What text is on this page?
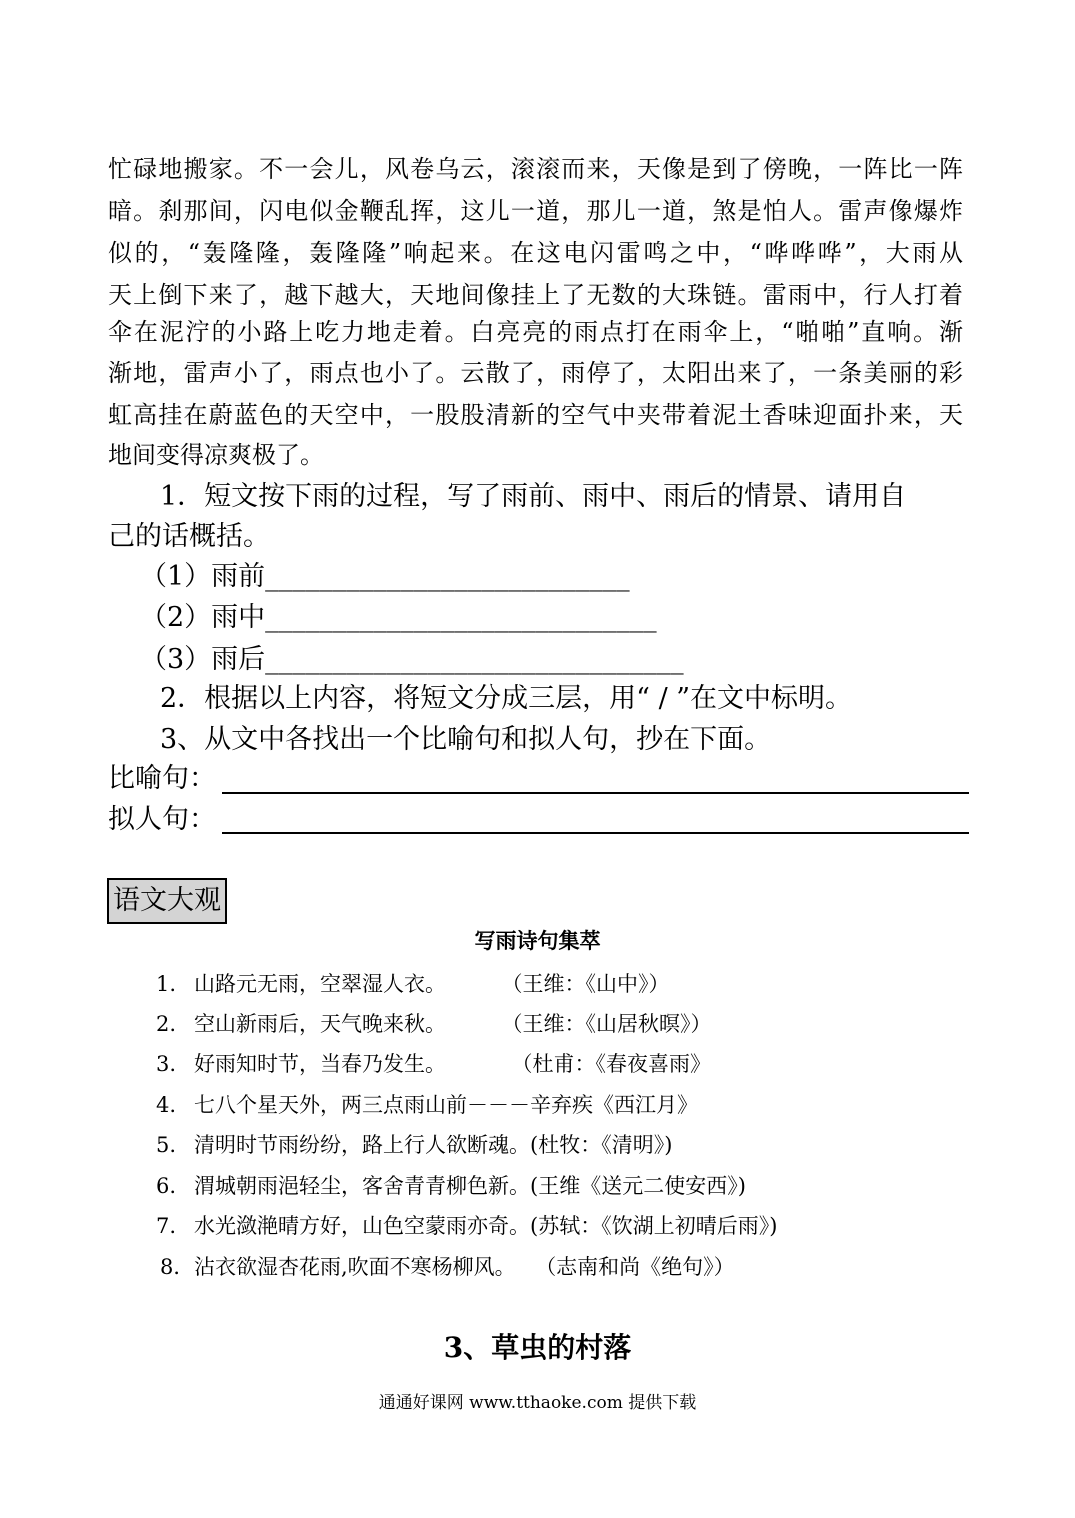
忙碌地搬家。不一会儿，风卷乌云，滚滚而来，天像是到了傍晚，一阵比一阵
暗。刹那间，闪电似金鞭乱挥，这儿一道，那儿一道，煞是怕人。雷声像爆炸
似的，“轰隆隆，轰隆隆”响起来。在这电闪雷鸣之中，“哗哗哗”，大雨从
天上倒下来了，越下越大，天地间像挂上了无数的大珠链。雷雨中，行人打着
伞在泥泞的小路上吃力地走着。白亮亮的雨点打在雨伞上，“啪啪”直响。渐
渐地，雷声小了，雨点也小了。云散了，雨停了，太阳出来了，一条美丽的彩
虹高挂在蔚蓝色的天空中，一股股清新的空气中夹带着泥土香味迎面扑来，天
地间变得凉爽极了。
1．短文按下雨的过程，写了雨前、雨中、雨后的情景、请用自
己的话概括。
（1）雨前___________________________
（2）雨中_____________________________
（3）雨后_______________________________
2．根据以上内容，将短文分成三层，用“ / ”在文中标明。
3、从文中各找出一个比喻句和拟人句，抄在下面。
比喻句：
拟人句：
语文大观
写雨诗句集萃
1. 山路元无雨，空翠湿人衣。	（王维：《山中》）
2. 空山新雨后，天气晚来秋。	（王维：《山居秋暝》）
3. 好雨知时节，当春乃发生。	（杜甫：《春夜喜雨》
4. 七八个星天外，两三点雨山前－－－辛弃疾《西江月》
5. 清明时节雨纷纷，路上行人欲断魂。(杜牧：《清明》)
6. 渭城朝雨浥轻尘，客舍青青柳色新。(王维《送元二使安西》)
7. 水光潋滟晴方好，山色空蒙雨亦奇。(苏轼：《饮湖上初晴后雨》)
8．沾衣欲湿杏花雨,吹面不寒杨柳风。 （志南和尚《绝句》）
3、草虫的村落
通通好课网 www.tthaoke.com 提供下载
